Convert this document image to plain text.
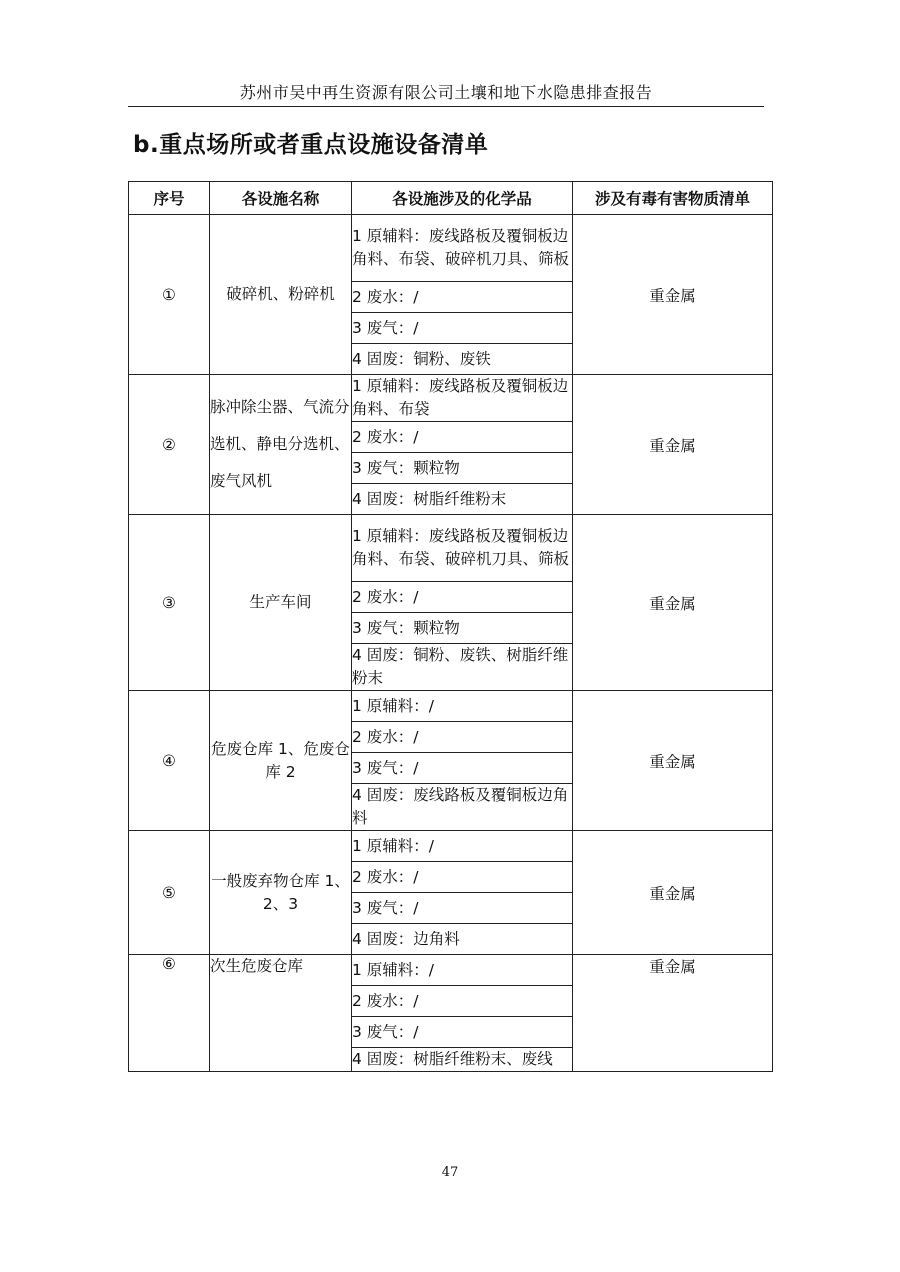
苏州市吴中再生资源有限公司土壤和地下水隐患排查报告
b.重点场所或者重点设施设备清单
序号	各设施名称	各设施涉及的化学品	涉及有毒有害物质清单
①	破碎机、粉碎机	1 原辅料：废线路板及覆铜板边角料、布袋、破碎机刀具、筛板	重金属
		2 废水：/	
		3 废气：/	
		4 固废：铜粉、废铁	
②	脉冲除尘器、气流分选机、静电分选机、废气风机	1 原辅料：废线路板及覆铜板边角料、布袋	重金属
		2 废水：/	
		3 废气：颗粒物	
		4 固废：树脂纤维粉末	
③	生产车间	1 原辅料：废线路板及覆铜板边角料、布袋、破碎机刀具、筛板	重金属
		2 废水：/	
		3 废气：颗粒物	
		4 固废：铜粉、废铁、树脂纤维粉末	
④	危废仓库 1、危废仓库 2	1 原辅料：/	重金属
		2 废水：/	
		3 废气：/	
		4 固废：废线路板及覆铜板边角料	
⑤	一般废弃物仓库 1、2、3	1 原辅料：/	重金属
		2 废水：/	
		3 废气：/	
		4 固废：边角料	
⑥	次生危废仓库	1 原辅料：/	重金属
		2 废水：/	
		3 废气：/	
		4 固废：树脂纤维粉末、废线	
47
